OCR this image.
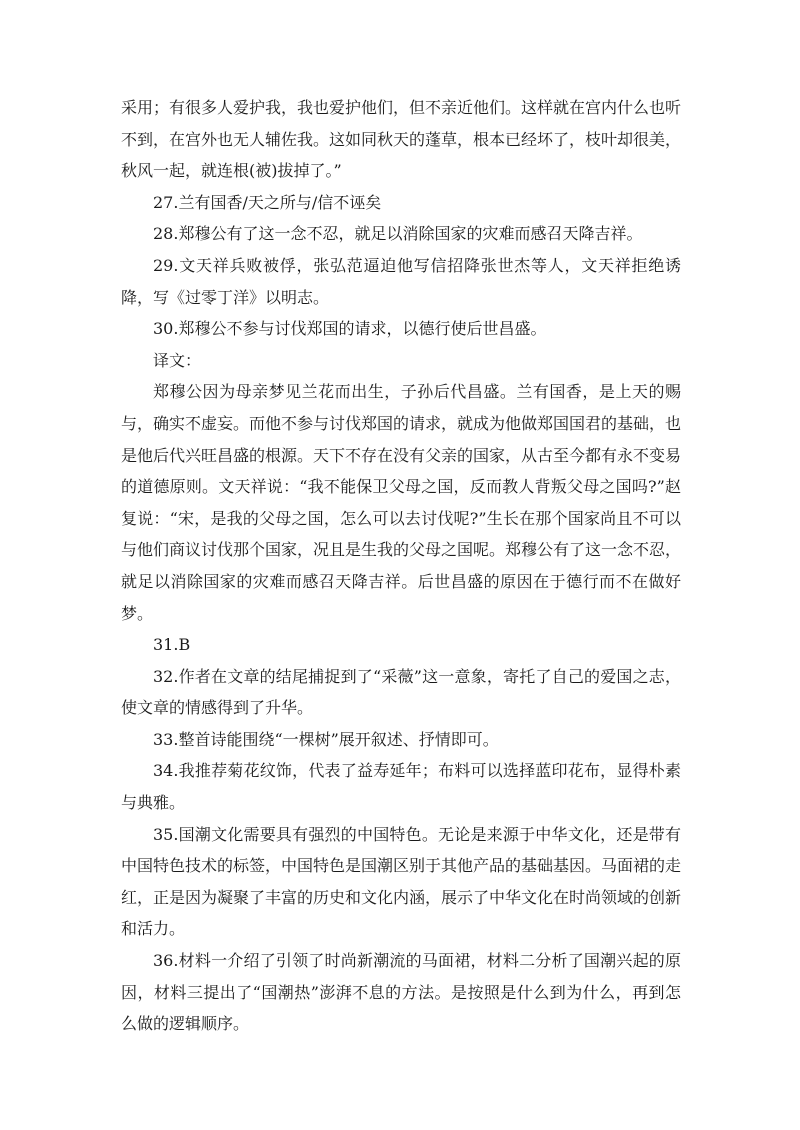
采用；有很多人爱护我，我也爱护他们，但不亲近他们。这样就在宫内什么也听不到，在宫外也无人辅佐我。这如同秋天的蓬草，根本已经坏了，枝叶却很美，秋风一起，就连根(被)拔掉了。”

27.兰有国香/天之所与/信不诬矣

28.郑穆公有了这一念不忍，就足以消除国家的灾难而感召天降吉祥。

29.文天祥兵败被俘，张弘范逼迫他写信招降张世杰等人，文天祥拒绝诱降，写《过零丁洋》以明志。

30.郑穆公不参与讨伐郑国的请求，以德行使后世昌盛。

译文：

郑穆公因为母亲梦见兰花而出生，子孙后代昌盛。兰有国香，是上天的赐与，确实不虚妄。而他不参与讨伐郑国的请求，就成为他做郑国国君的基础，也是他后代兴旺昌盛的根源。天下不存在没有父亲的国家，从古至今都有永不变易的道德原则。文天祥说：“我不能保卫父母之国，反而教人背叛父母之国吗?”赵复说：“宋，是我的父母之国，怎么可以去讨伐呢?”生长在那个国家尚且不可以与他们商议讨伐那个国家，况且是生我的父母之国呢。郑穆公有了这一念不忍，就足以消除国家的灾难而感召天降吉祥。后世昌盛的原因在于德行而不在做好梦。

31.B

32.作者在文章的结尾捕捉到了“采薇”这一意象，寄托了自己的爱国之志，使文章的情感得到了升华。

33.整首诗能围绕“一棵树”展开叙述、抒情即可。

34.我推荐菊花纹饰，代表了益寿延年；布料可以选择蓝印花布，显得朴素与典雅。

35.国潮文化需要具有强烈的中国特色。无论是来源于中华文化，还是带有中国特色技术的标签，中国特色是国潮区别于其他产品的基础基因。马面裙的走红，正是因为凝聚了丰富的历史和文化内涵，展示了中华文化在时尚领域的创新和活力。

36.材料一介绍了引领了时尚新潮流的马面裙，材料二分析了国潮兴起的原因，材料三提出了“国潮热”澎湃不息的方法。是按照是什么到为什么，再到怎么做的逻辑顺序。
